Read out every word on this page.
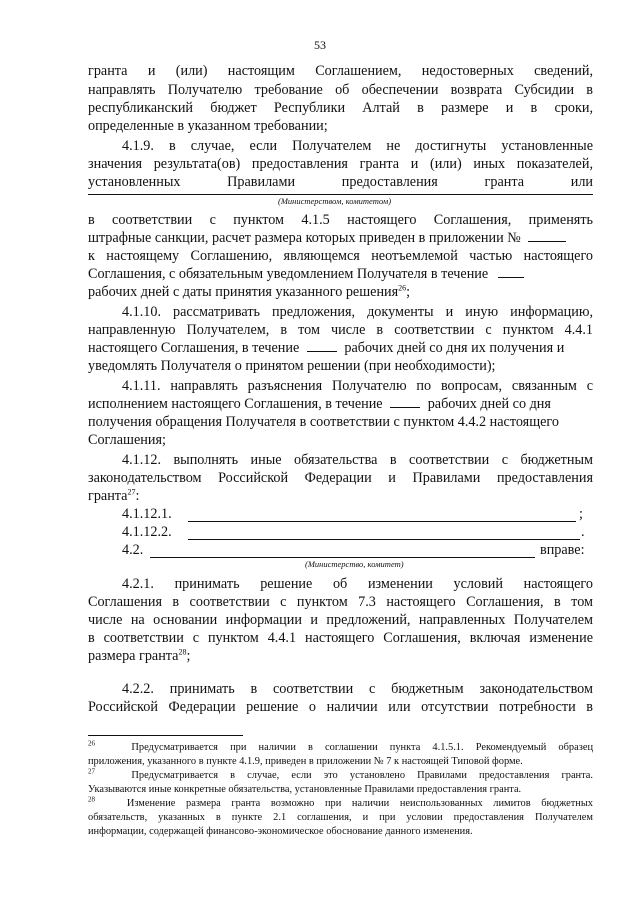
53
гранта и (или) настоящим Соглашением, недостоверных сведений,
направлять Получателю требование об обеспечении возврата Субсидии в
республиканский бюджет Республики Алтай в размере и в сроки,
определенные в указанном требовании;
4.1.9. в случае, если Получателем не достигнуты установленные
значения результата(ов) предоставления гранта и (или) иных показателей,
установленных Правилами предоставления гранта или
(Министерством, комитетом)
в соответствии с пунктом 4.1.5 настоящего Соглашения, применять
штрафные санкции, расчет размера которых приведен в приложении №
к настоящему Соглашению, являющемся неотъемлемой частью настоящего
Соглашения, с обязательным уведомлением Получателя в течение
рабочих дней с даты принятия указанного решения$^{26}$;
4.1.10. рассматривать предложения, документы и иную информацию,
направленную Получателем, в том числе в соответствии с пунктом 4.4.1
настоящего Соглашения, в течение	рабочих дней со дня их получения и
уведомлять Получателя о принятом решении (при необходимости);
4.1.11. направлять разъяснения Получателю по вопросам, связанным с
исполнением настоящего Соглашения, в течение	рабочих дней со дня
получения обращения Получателя в соответствии с пунктом 4.4.2 настоящего
Соглашения;
4.1.12. выполнять иные обязательства в соответствии с бюджетным
законодательством Российской Федерации и Правилами предоставления
гранта$^{27}$:
4.1.12.1.	;
4.1.12.2.	.
4.2.	вправе:
(Министерство, комитет)
4.2.1. принимать решение об изменении условий настоящего
Соглашения в соответствии с пунктом 7.3 настоящего Соглашения, в том
числе на основании информации и предложений, направленных Получателем
в соответствии с пунктом 4.4.1 настоящего Соглашения, включая изменение
размера гранта$^{28}$;
4.2.2. принимать в соответствии с бюджетным законодательством
Российской Федерации решение о наличии или отсутствии потребности в
$^{26}$	Предусматривается при наличии в соглашении пункта 4.1.5.1. Рекомендуемый образец
приложения, указанного в пункте 4.1.9, приведен в приложении № 7 к настоящей Типовой форме.
$^{27}$	Предусматривается в случае, если это установлено Правилами предоставления гранта.
Указываются иные конкретные обязательства, установленные Правилами предоставления гранта.
$^{28}$	Изменение размера гранта возможно при наличии неиспользованных лимитов бюджетных
обязательств, указанных в пункте 2.1 соглашения, и при условии предоставления Получателем
информации, содержащей финансово-экономическое обоснование данного изменения.
